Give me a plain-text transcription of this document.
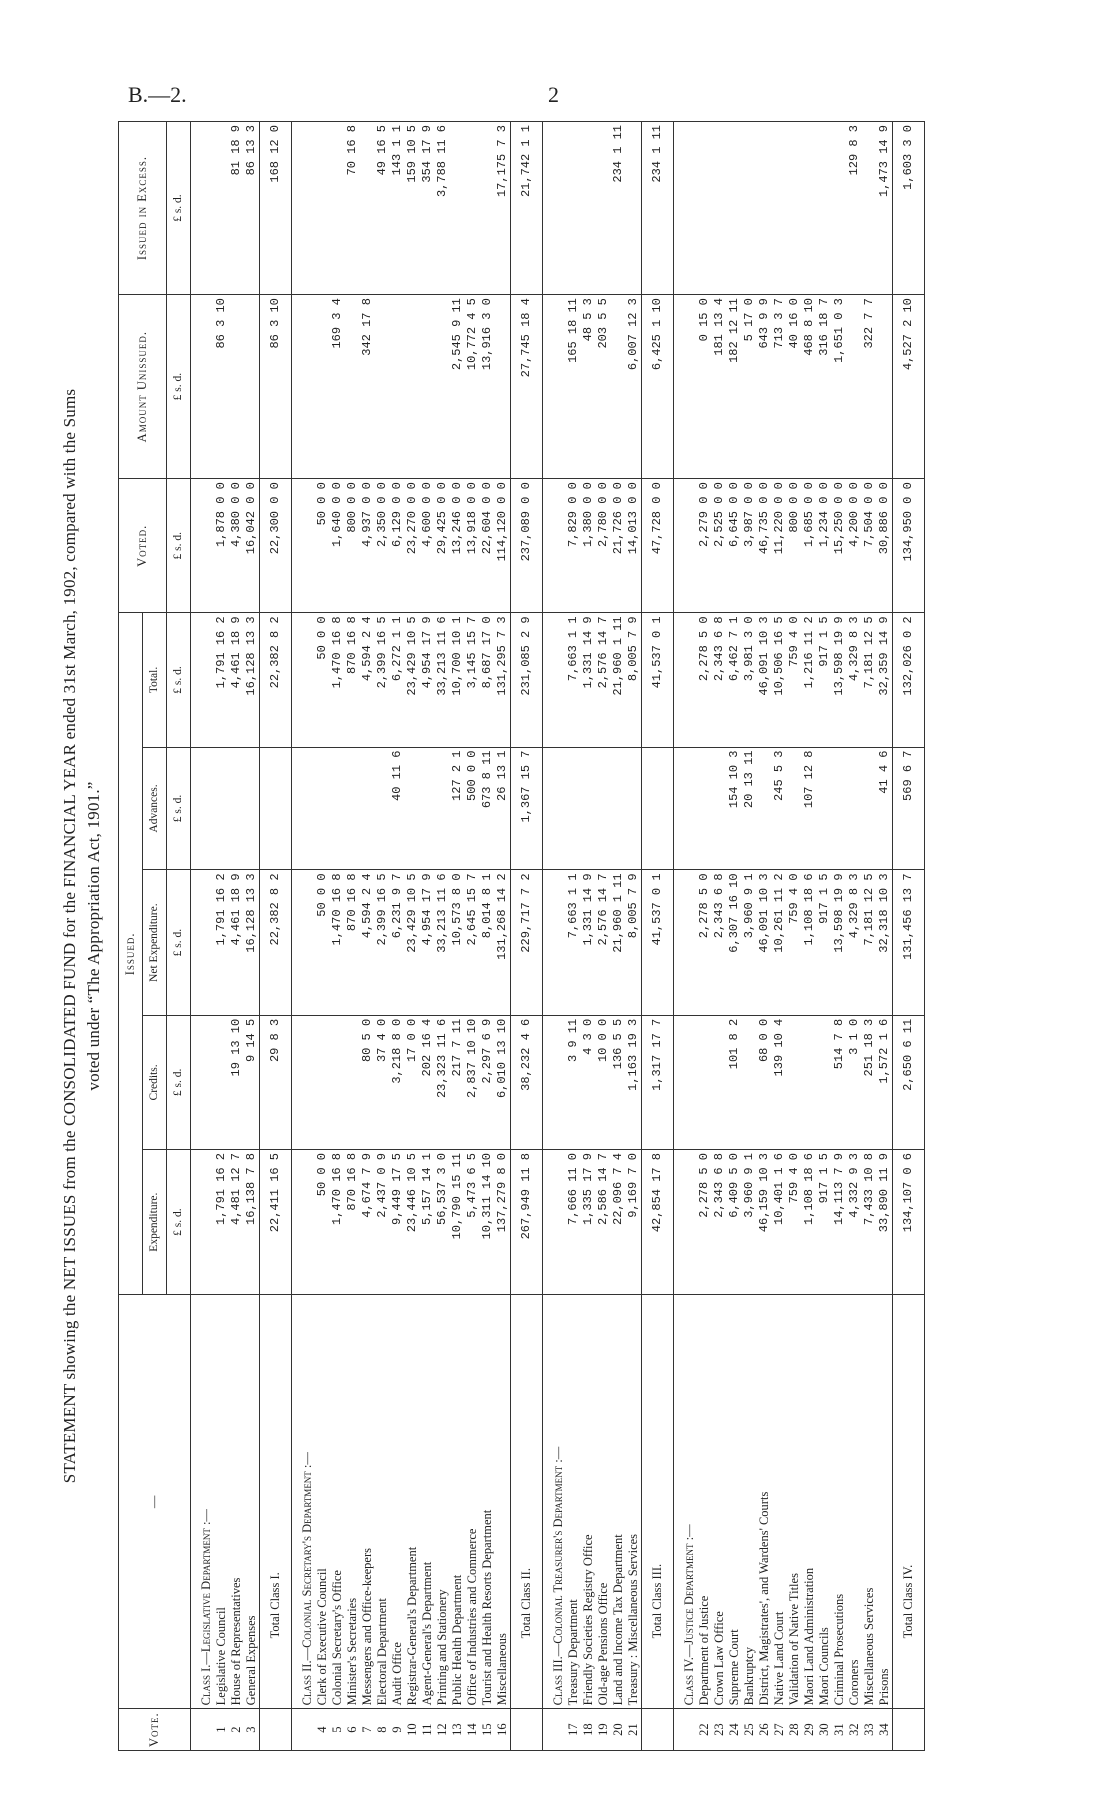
B.—2.	2
STATEMENT showing the NET ISSUES from the CONSOLIDATED FUND for the FINANCIAL YEAR ended 31st March, 1902, compared with the Sums voted under “The Appropriation Act, 1901.”
Vote.	—	Issued.					Voted.	Amount Unissued.	Issued in Excess.
		Expenditure.	Credits.	Net Expenditure.	Advances.	Total.			
		£ s. d.	£ s. d.	£ s. d.	£ s. d.	£ s. d.	£ s. d.	£ s. d.	£ s. d.
	Class I.—Legislative Department :—								
1	Legislative Council	1,791 16 2		1,791 16 2		1,791 16 2	1,878 0 0	86 3 10	
2	House of Representatives	4,481 12 7	19 13 10	4,461 18 9		4,461 18 9	4,380 0 0		81 18 9
3	General Expenses	16,138 7 8	9 14 5	16,128 13 3		16,128 13 3	16,042 0 0		86 13 3
	Total Class I.	22,411 16 5	29 8 3	22,382 8 2		22,382 8 2	22,300 0 0	86 3 10	168 12 0
	Class II.—Colonial Secretary's Department :—								
4	Clerk of Executive Council	50 0 0		50 0 0		50 0 0	50 0 0		
5	Colonial Secretary's Office	1,470 16 8		1,470 16 8		1,470 16 8	1,640 0 0	169 3 4	
6	Minister's Secretaries	870 16 8		870 16 8		870 16 8	800 0 0		70 16 8
7	Messengers and Office-keepers	4,674 7 9	80 5 0	4,594 2 4		4,594 2 4	4,937 0 0	342 17 8	
8	Electoral Department	2,437 0 9	37 4 0	2,399 16 5		2,399 16 5	2,350 0 0		49 16 5
9	Audit Office	9,449 17 5	3,218 8 0	6,231 9 7	40 11 6	6,272 1 1	6,129 0 0		143 1 1
10	Registrar-General's Department	23,446 10 5	17 0 0	23,429 10 5		23,429 10 5	23,270 0 0		159 10 5
11	Agent-General's Department	5,157 14 1	202 16 4	4,954 17 9		4,954 17 9	4,600 0 0		354 17 9
12	Printing and Stationery	56,537 3 0	23,323 11 6	33,213 11 6		33,213 11 6	29,425 0 0		3,788 11 6
13	Public Health Department	10,790 15 11	217 7 11	10,573 8 0	127 2 1	10,700 10 1	13,246 0 0	2,545 9 11	
14	Office of Industries and Commerce	5,473 6 5	2,837 10 10	2,645 15 7	500 0 0	3,145 15 7	13,918 0 0	10,772 4 5	
15	Tourist and Health Resorts Department	10,311 14 10	2,297 6 9	8,014 8 1	673 8 11	8,687 17 0	22,604 0 0	13,916 3 0	
16	Miscellaneous	137,279 8 0	6,010 13 10	131,268 14 2	26 13 1	131,295 7 3	114,120 0 0		17,175 7 3
	Total Class II.	267,949 11 8	38,232 4 6	229,717 7 2	1,367 15 7	231,085 2 9	237,089 0 0	27,745 18 4	21,742 1 1
	Class III.—Colonial Treasurer's Department :—								
17	Treasury Department	7,666 11 0	3 9 11	7,663 1 1		7,663 1 1	7,829 0 0	165 18 11	
18	Friendly Societies Registry Office	1,335 17 9	4 3 0	1,331 14 9		1,331 14 9	1,380 0 0	48 5 3	
19	Old-age Pensions Office	2,586 14 7	10 0 0	2,576 14 7		2,576 14 7	2,780 0 0	203 5 5	
20	Land and Income Tax Department	22,096 7 4	136 5 5	21,960 1 11		21,960 1 11	21,726 0 0		234 1 11
21	Treasury : Miscellaneous Services	9,169 7 0	1,163 19 3	8,005 7 9		8,005 7 9	14,013 0 0	6,007 12 3	
	Total Class III.	42,854 17 8	1,317 17 7	41,537 0 1		41,537 0 1	47,728 0 0	6,425 1 10	234 1 11
	Class IV.—Justice Department :—								
22	Department of Justice	2,278 5 0		2,278 5 0		2,278 5 0	2,279 0 0	0 15 0	
23	Crown Law Office	2,343 6 8		2,343 6 8		2,343 6 8	2,525 0 0	181 13 4	
24	Supreme Court	6,409 5 0	101 8 2	6,307 16 10	154 10 3	6,462 7 1	6,645 0 0	182 12 11	
25	Bankruptcy	3,960 9 1		3,960 9 1	20 13 11	3,981 3 0	3,987 0 0	5 17 0	
26	District, Magistrates', and Wardens' Courts	46,159 10 3	68 0 0	46,091 10 3		46,091 10 3	46,735 0 0	643 9 9	
27	Native Land Court	10,401 1 6	139 10 4	10,261 11 2	245 5 3	10,506 16 5	11,220 0 0	713 3 7	
28	Validation of Native Titles	759 4 0		759 4 0		759 4 0	800 0 0	40 16 0	
29	Maori Land Administration	1,108 18 6		1,108 18 6	107 12 8	1,216 11 2	1,685 0 0	468 8 10	
30	Maori Councils	917 1 5		917 1 5		917 1 5	1,234 0 0	316 18 7	
31	Criminal Prosecutions	14,113 7 9	514 7 8	13,598 19 9		13,598 19 9	15,250 0 0	1,651 0 3	
32	Coroners	4,332 9 3	3 1 0	4,329 8 3		4,329 8 3	4,200 0 0		129 8 3
33	Miscellaneous Services	7,433 10 8	251 18 3	7,181 12 5		7,181 12 5	7,504 0 0	322 7 7	
34	Prisons	33,890 11 9	1,572 1 6	32,318 10 3	41 4 6	32,359 14 9	30,886 0 0		1,473 14 9
	Total Class IV.	134,107 0 6	2,650 6 11	131,456 13 7	569 6 7	132,026 0 2	134,950 0 0	4,527 2 10	1,603 3 0
